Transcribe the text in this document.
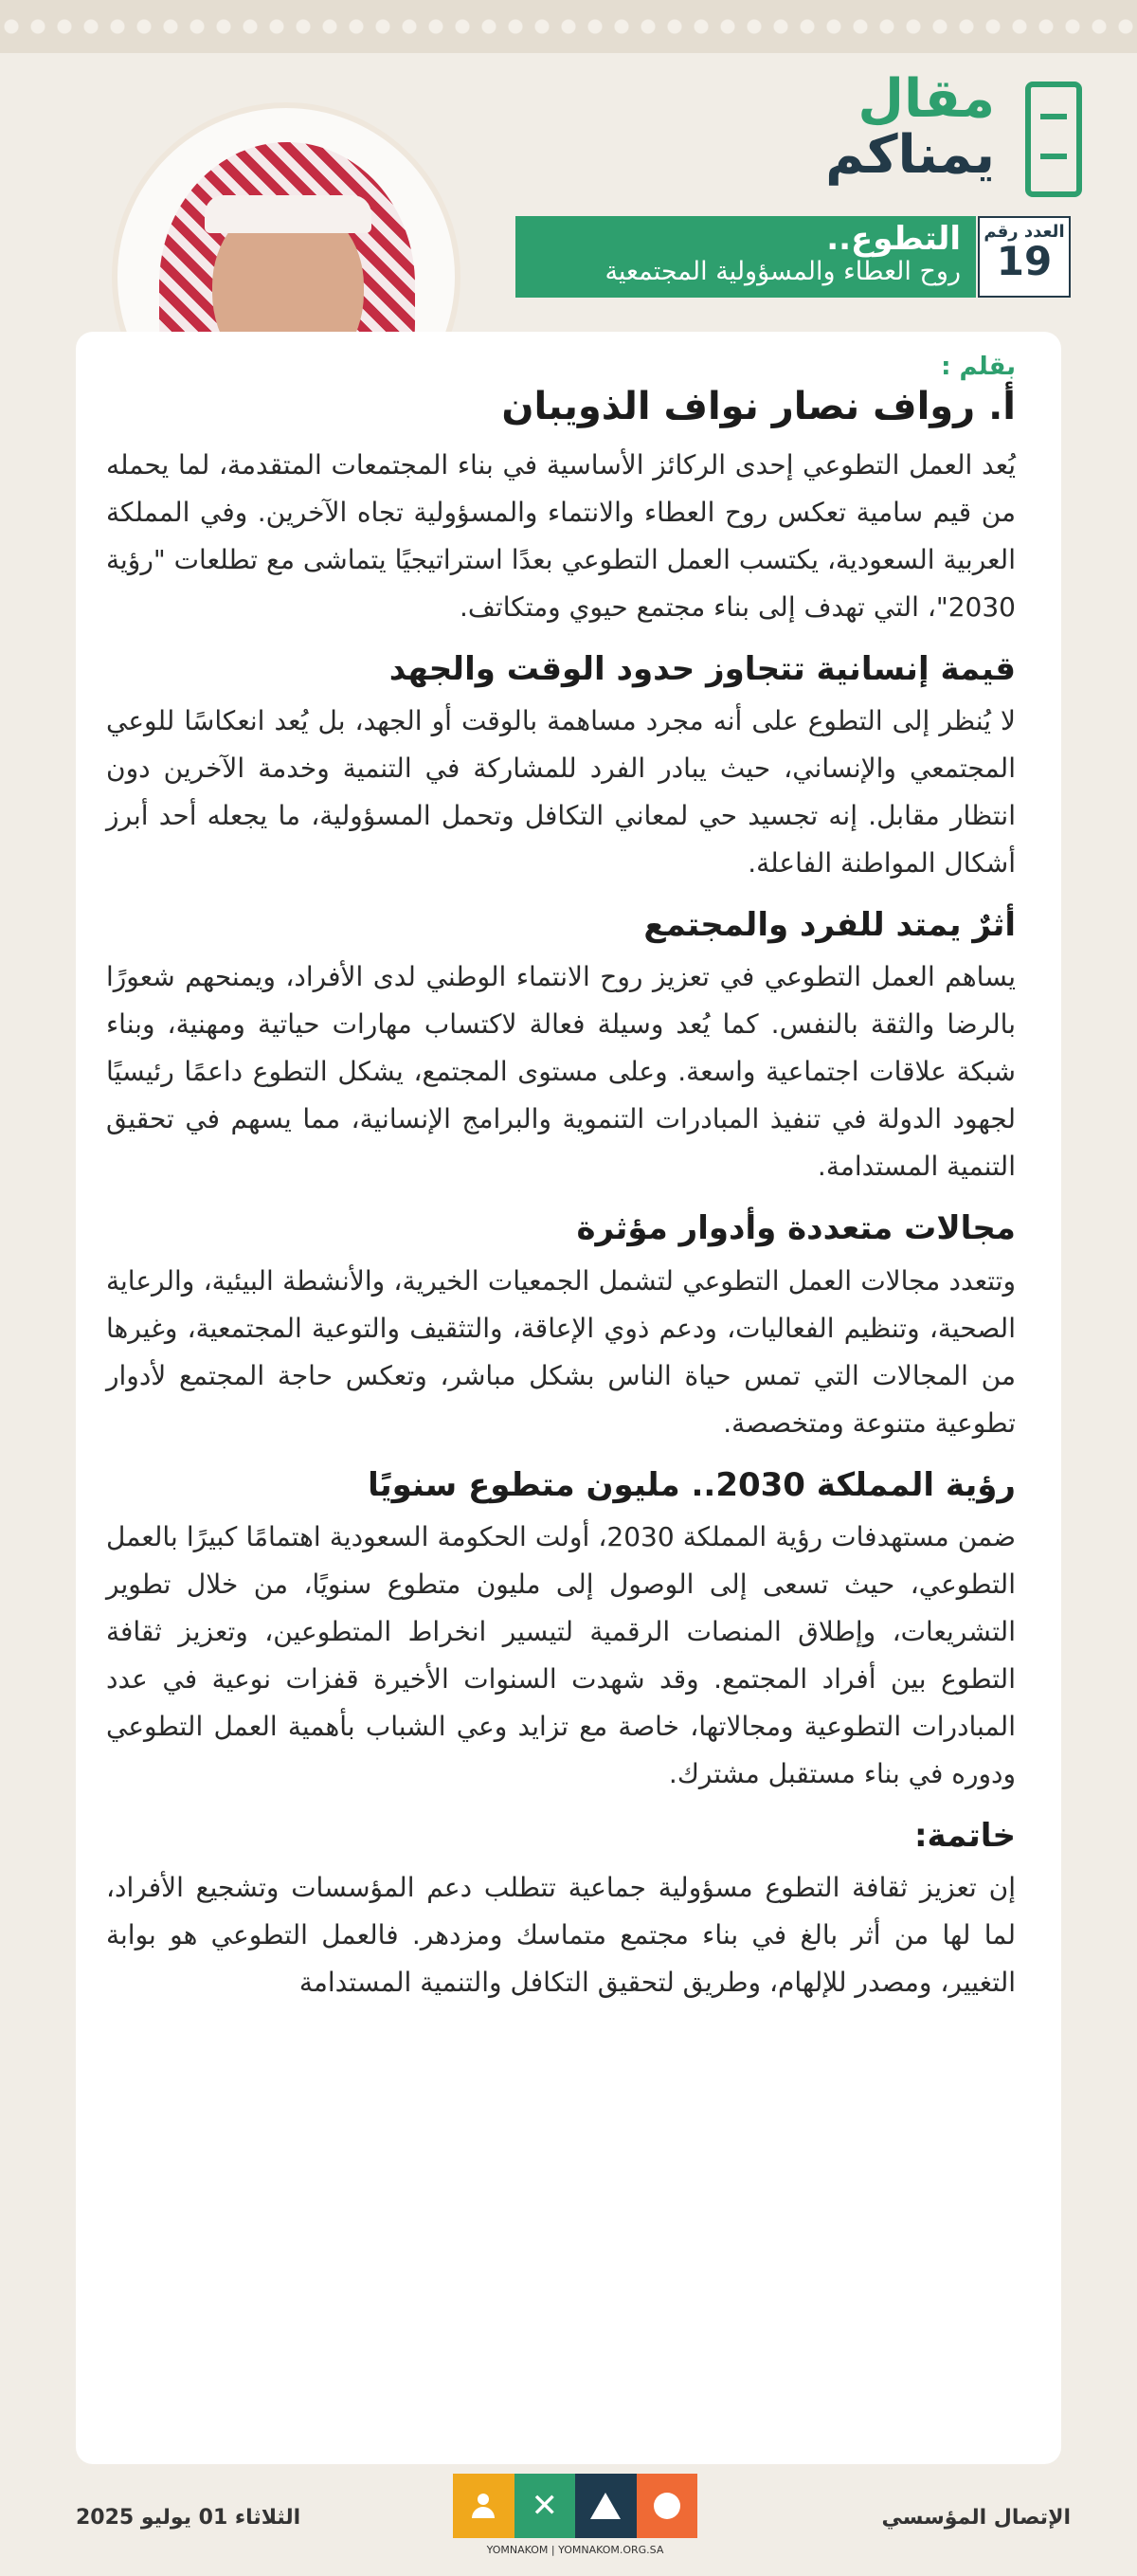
مقال
يمناكم
العدد رقم
19
التطوع..
روح العطاء والمسؤولية المجتمعية
بقلم :
أ. رواف نصار نواف الذويبان

يُعد العمل التطوعي إحدى الركائز الأساسية في بناء المجتمعات المتقدمة، لما يحمله من قيم سامية تعكس روح العطاء والانتماء والمسؤولية تجاه الآخرين. وفي المملكة العربية السعودية، يكتسب العمل التطوعي بعدًا استراتيجيًا يتماشى مع تطلعات "رؤية 2030"، التي تهدف إلى بناء مجتمع حيوي ومتكاتف.

قيمة إنسانية تتجاوز حدود الوقت والجهد

لا يُنظر إلى التطوع على أنه مجرد مساهمة بالوقت أو الجهد، بل يُعد انعكاسًا للوعي المجتمعي والإنساني، حيث يبادر الفرد للمشاركة في التنمية وخدمة الآخرين دون انتظار مقابل. إنه تجسيد حي لمعاني التكافل وتحمل المسؤولية، ما يجعله أحد أبرز أشكال المواطنة الفاعلة.

أثرٌ يمتد للفرد والمجتمع

يساهم العمل التطوعي في تعزيز روح الانتماء الوطني لدى الأفراد، ويمنحهم شعورًا بالرضا والثقة بالنفس. كما يُعد وسيلة فعالة لاكتساب مهارات حياتية ومهنية، وبناء شبكة علاقات اجتماعية واسعة. وعلى مستوى المجتمع، يشكل التطوع داعمًا رئيسيًا لجهود الدولة في تنفيذ المبادرات التنموية والبرامج الإنسانية، مما يسهم في تحقيق التنمية المستدامة.

مجالات متعددة وأدوار مؤثرة

وتتعدد مجالات العمل التطوعي لتشمل الجمعيات الخيرية، والأنشطة البيئية، والرعاية الصحية، وتنظيم الفعاليات، ودعم ذوي الإعاقة، والتثقيف والتوعية المجتمعية، وغيرها من المجالات التي تمس حياة الناس بشكل مباشر، وتعكس حاجة المجتمع لأدوار تطوعية متنوعة ومتخصصة.

رؤية المملكة 2030.. مليون متطوع سنويًا

ضمن مستهدفات رؤية المملكة 2030، أولت الحكومة السعودية اهتمامًا كبيرًا بالعمل التطوعي، حيث تسعى إلى الوصول إلى مليون متطوع سنويًا، من خلال تطوير التشريعات، وإطلاق المنصات الرقمية لتيسير انخراط المتطوعين، وتعزيز ثقافة التطوع بين أفراد المجتمع. وقد شهدت السنوات الأخيرة قفزات نوعية في عدد المبادرات التطوعية ومجالاتها، خاصة مع تزايد وعي الشباب بأهمية العمل التطوعي ودوره في بناء مستقبل مشترك.

خاتمة:

إن تعزيز ثقافة التطوع مسؤولية جماعية تتطلب دعم المؤسسات وتشجيع الأفراد، لما لها من أثر بالغ في بناء مجتمع متماسك ومزدهر. فالعمل التطوعي هو بوابة التغيير، ومصدر للإلهام، وطريق لتحقيق التكافل والتنمية المستدامة

الإتصال المؤسسي
✕
YOMNAKOM | YOMNAKOM.ORG.SA
الثلاثاء 01 يوليو 2025
